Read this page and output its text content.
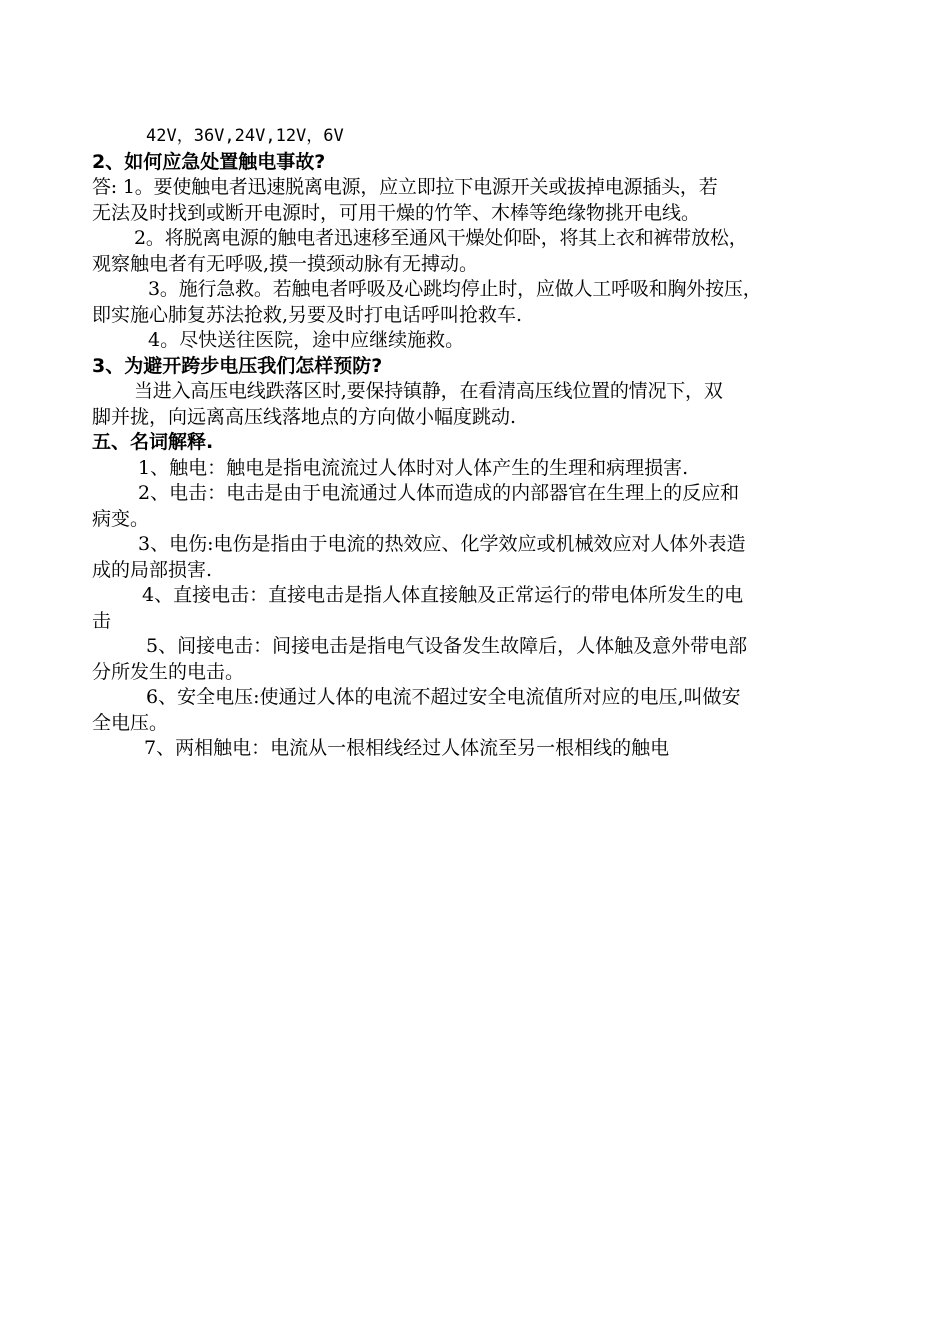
42V，36V,24V,12V，6V
2、如何应急处置触电事故?
答: 1。要使触电者迅速脱离电源，应立即拉下电源开关或拔掉电源插头，若
无法及时找到或断开电源时，可用干燥的竹竿、木棒等绝缘物挑开电线。
2。将脱离电源的触电者迅速移至通风干燥处仰卧，将其上衣和裤带放松，
观察触电者有无呼吸,摸一摸颈动脉有无搏动。
3。施行急救。若触电者呼吸及心跳均停止时，应做人工呼吸和胸外按压，
即实施心肺复苏法抢救,另要及时打电话呼叫抢救车.
4。尽快送往医院，途中应继续施救。
3、为避开跨步电压我们怎样预防?
当进入高压电线跌落区时,要保持镇静，在看清高压线位置的情况下，双
脚并拢，向远离高压线落地点的方向做小幅度跳动.
五、名词解释.
1、触电：触电是指电流流过人体时对人体产生的生理和病理损害.
2、电击：电击是由于电流通过人体而造成的内部器官在生理上的反应和
病变。
3、电伤:电伤是指由于电流的热效应、化学效应或机械效应对人体外表造
成的局部损害.
4、直接电击：直接电击是指人体直接触及正常运行的带电体所发生的电
击
5、间接电击：间接电击是指电气设备发生故障后，人体触及意外带电部
分所发生的电击。
6、安全电压:使通过人体的电流不超过安全电流值所对应的电压,叫做安
全电压。
7、两相触电：电流从一根相线经过人体流至另一根相线的触电
